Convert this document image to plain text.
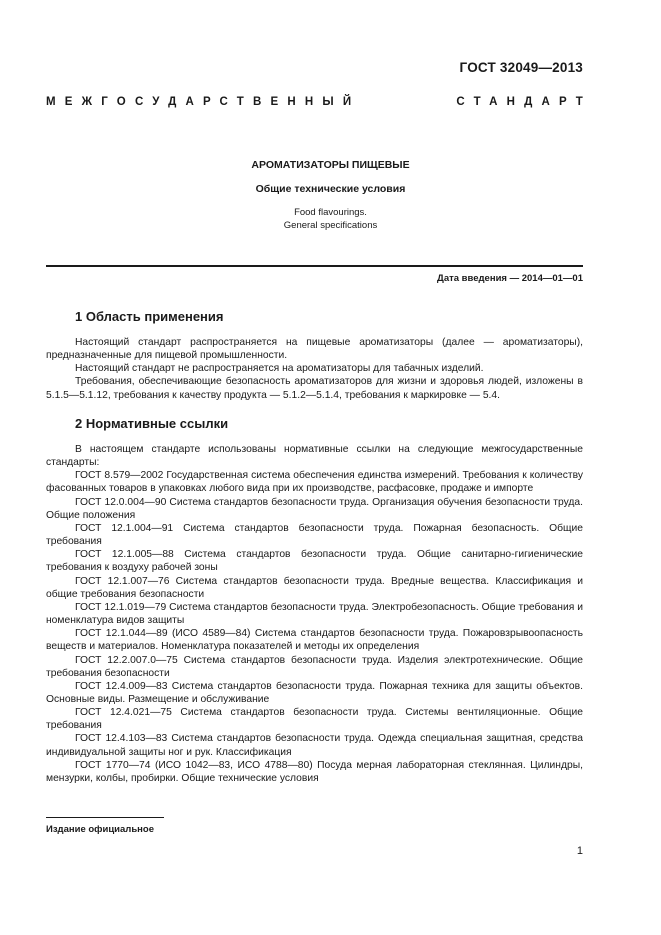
ГОСТ 32049—2013
МЕЖГОСУДАРСТВЕННЫЙ	СТАНДАРТ
АРОМАТИЗАТОРЫ ПИЩЕВЫЕ
Общие технические условия
Food flavourings.
General specifications
Дата введения — 2014—01—01
1 Область применения

Настоящий стандарт распространяется на пищевые ароматизаторы (далее — ароматизаторы), предназначенные для пищевой промышленности.

Настоящий стандарт не распространяется на ароматизаторы для табачных изделий.

Требования, обеспечивающие безопасность ароматизаторов для жизни и здоровья людей, изложены в 5.1.5—5.1.12, требования к качеству продукта — 5.1.2—5.1.4, требования к маркировке — 5.4.

2 Нормативные ссылки

В настоящем стандарте использованы нормативные ссылки на следующие межгосударственные стандарты:

ГОСТ 8.579—2002 Государственная система обеспечения единства измерений. Требования к количеству фасованных товаров в упаковках любого вида при их производстве, расфасовке, продаже и импорте

ГОСТ 12.0.004—90 Система стандартов безопасности труда. Организация обучения безопасности труда. Общие положения

ГОСТ 12.1.004—91 Система стандартов безопасности труда. Пожарная безопасность. Общие требования

ГОСТ 12.1.005—88 Система стандартов безопасности труда. Общие санитарно-гигиенические требования к воздуху рабочей зоны

ГОСТ 12.1.007—76 Система стандартов безопасности труда. Вредные вещества. Классификация и общие требования безопасности

ГОСТ 12.1.019—79 Система стандартов безопасности труда. Электробезопасность. Общие требования и номенклатура видов защиты

ГОСТ 12.1.044—89 (ИСО 4589—84) Система стандартов безопасности труда. Пожаровзрывоопасность веществ и материалов. Номенклатура показателей и методы их определения

ГОСТ 12.2.007.0—75 Система стандартов безопасности труда. Изделия электротехнические. Общие требования безопасности

ГОСТ 12.4.009—83 Система стандартов безопасности труда. Пожарная техника для защиты объектов. Основные виды. Размещение и обслуживание

ГОСТ 12.4.021—75 Система стандартов безопасности труда. Системы вентиляционные. Общие требования

ГОСТ 12.4.103—83 Система стандартов безопасности труда. Одежда специальная защитная, средства индивидуальной защиты ног и рук. Классификация

ГОСТ 1770—74 (ИСО 1042—83, ИСО 4788—80) Посуда мерная лабораторная стеклянная. Цилиндры, мензурки, колбы, пробирки. Общие технические условия

Издание официальное
1
